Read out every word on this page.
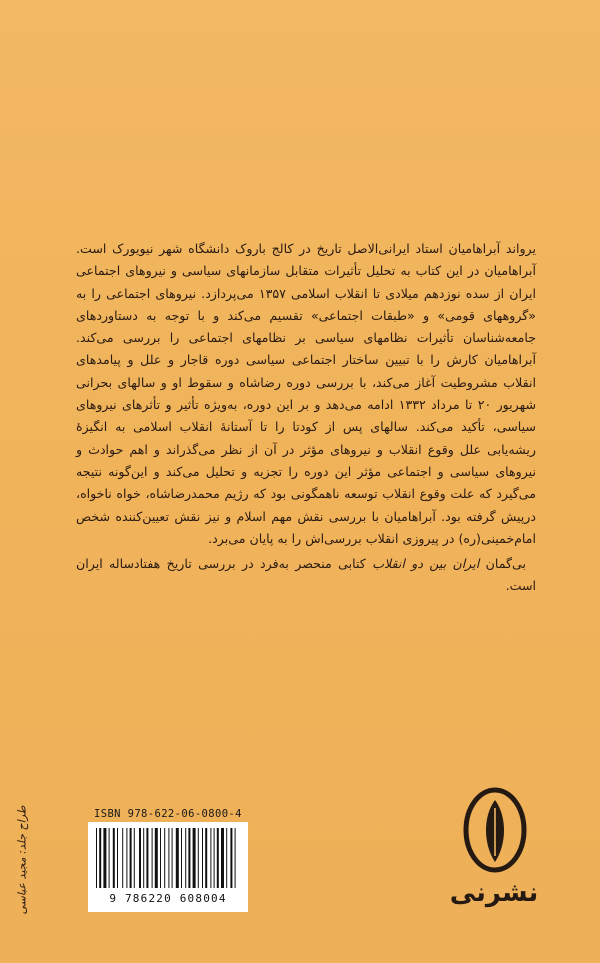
یرواند آبراهامیان استاد ایرانی‌الاصل تاریخ در کالج باروک دانشگاه شهر نیویورک است. آبراهامیان در این کتاب به تحلیل تأثیرات متقابل سازمانهای سیاسی و نیروهای اجتماعی ایران از سده نوزدهم میلادی تا انقلاب اسلامی ۱۳۵۷ می‌پردازد. نیروهای اجتماعی را به «گروههای قومی» و «طبقات اجتماعی» تقسیم می‌کند و با توجه به دستاوردهای جامعه‌شناسان تأثیرات نظامهای سیاسی بر نظامهای اجتماعی را بررسی می‌کند. آبراهامیان کارش را با تبیین ساختار اجتماعی سیاسی دوره قاجار و علل و پیامدهای انقلاب مشروطیت آغاز می‌کند، با بررسی دوره رضاشاه و سقوط او و سالهای بحرانی شهریور ۲۰ تا مرداد ۱۳۳۲ ادامه می‌دهد و بر این دوره، به‌ویژه تأثیر و تأثرهای نیروهای سیاسی، تأکید می‌کند. سالهای پس از کودتا را تا آستانهٔ انقلاب اسلامی به انگیزهٔ ریشه‌یابی علل وقوع انقلاب و نیروهای مؤثر در آن از نظر می‌گذراند و اهم حوادث و نیروهای سیاسی و اجتماعی مؤثر این دوره را تجزیه و تحلیل می‌کند و این‌گونه نتیجه می‌گیرد که علت وقوع انقلاب توسعه ناهمگونی بود که رژیم محمدرضاشاه، خواه ناخواه، درپیش گرفته بود. آبراهامیان با بررسی نقش مهم اسلام و نیز نقش تعیین‌کننده شخص امام‌خمینی(ره) در پیروزی انقلاب بررسی‌اش را به پایان می‌برد.

بی‌گمان ایران بین دو انقلاب کتابی منحصر به‌فرد در بررسی تاریخ هفتادساله ایران است.

ISBN 978-622-06-0800-4
9 786220 608004	نشرنی
طراح جلد: مجید عباسی
